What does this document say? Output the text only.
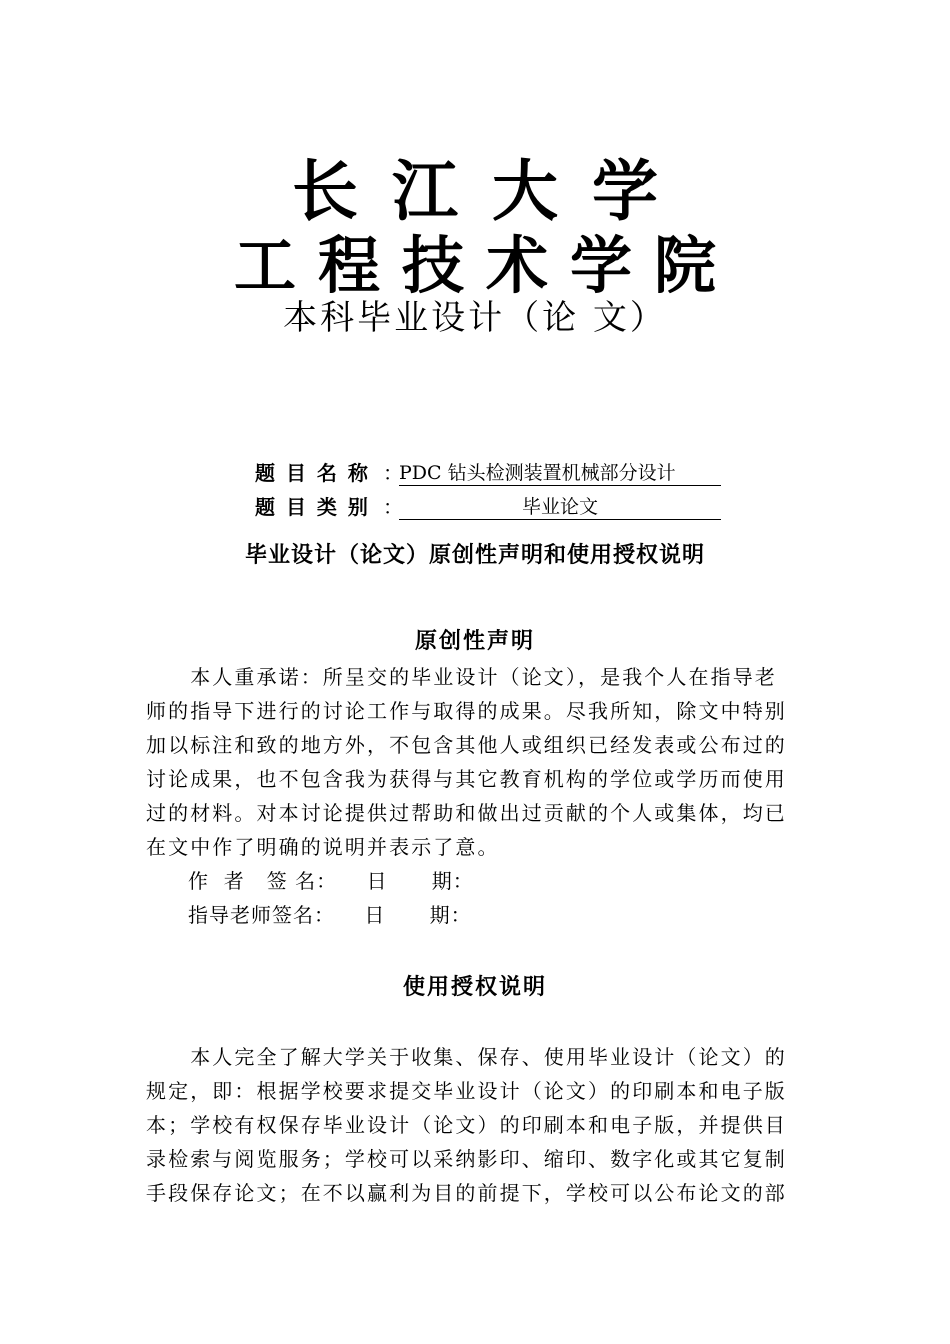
长江大学
工程技术学院
本科毕业设计（论 文）
题 目 名 称 ：PDC 钻头检测装置机械部分设计
题 目 类 别 ：	毕业论文
毕业设计（论文）原创性声明和使用授权说明
原创性声明

　　本人重承诺：所呈交的毕业设计（论文），是我个人在指导老
师的指导下进行的讨论工作与取得的成果。尽我所知，除文中特别
加以标注和致的地方外，不包含其他人或组织已经发表或公布过的
讨论成果，也不包含我为获得与其它教育机构的学位或学历而使用
过的材料。对本讨论提供过帮助和做出过贡献的个人或集体，均已
在文中作了明确的说明并表示了意。

作  者   签 名：    日      期：
指导老师签名：    日      期：
使用授权说明

　　本人完全了解大学关于收集、保存、使用毕业设计（论文）的
规定，即：根据学校要求提交毕业设计（论文）的印刷本和电子版
本；学校有权保存毕业设计（论文）的印刷本和电子版，并提供目
录检索与阅览服务；学校可以采纳影印、缩印、数字化或其它复制
手段保存论文；在不以赢利为目的前提下，学校可以公布论文的部
